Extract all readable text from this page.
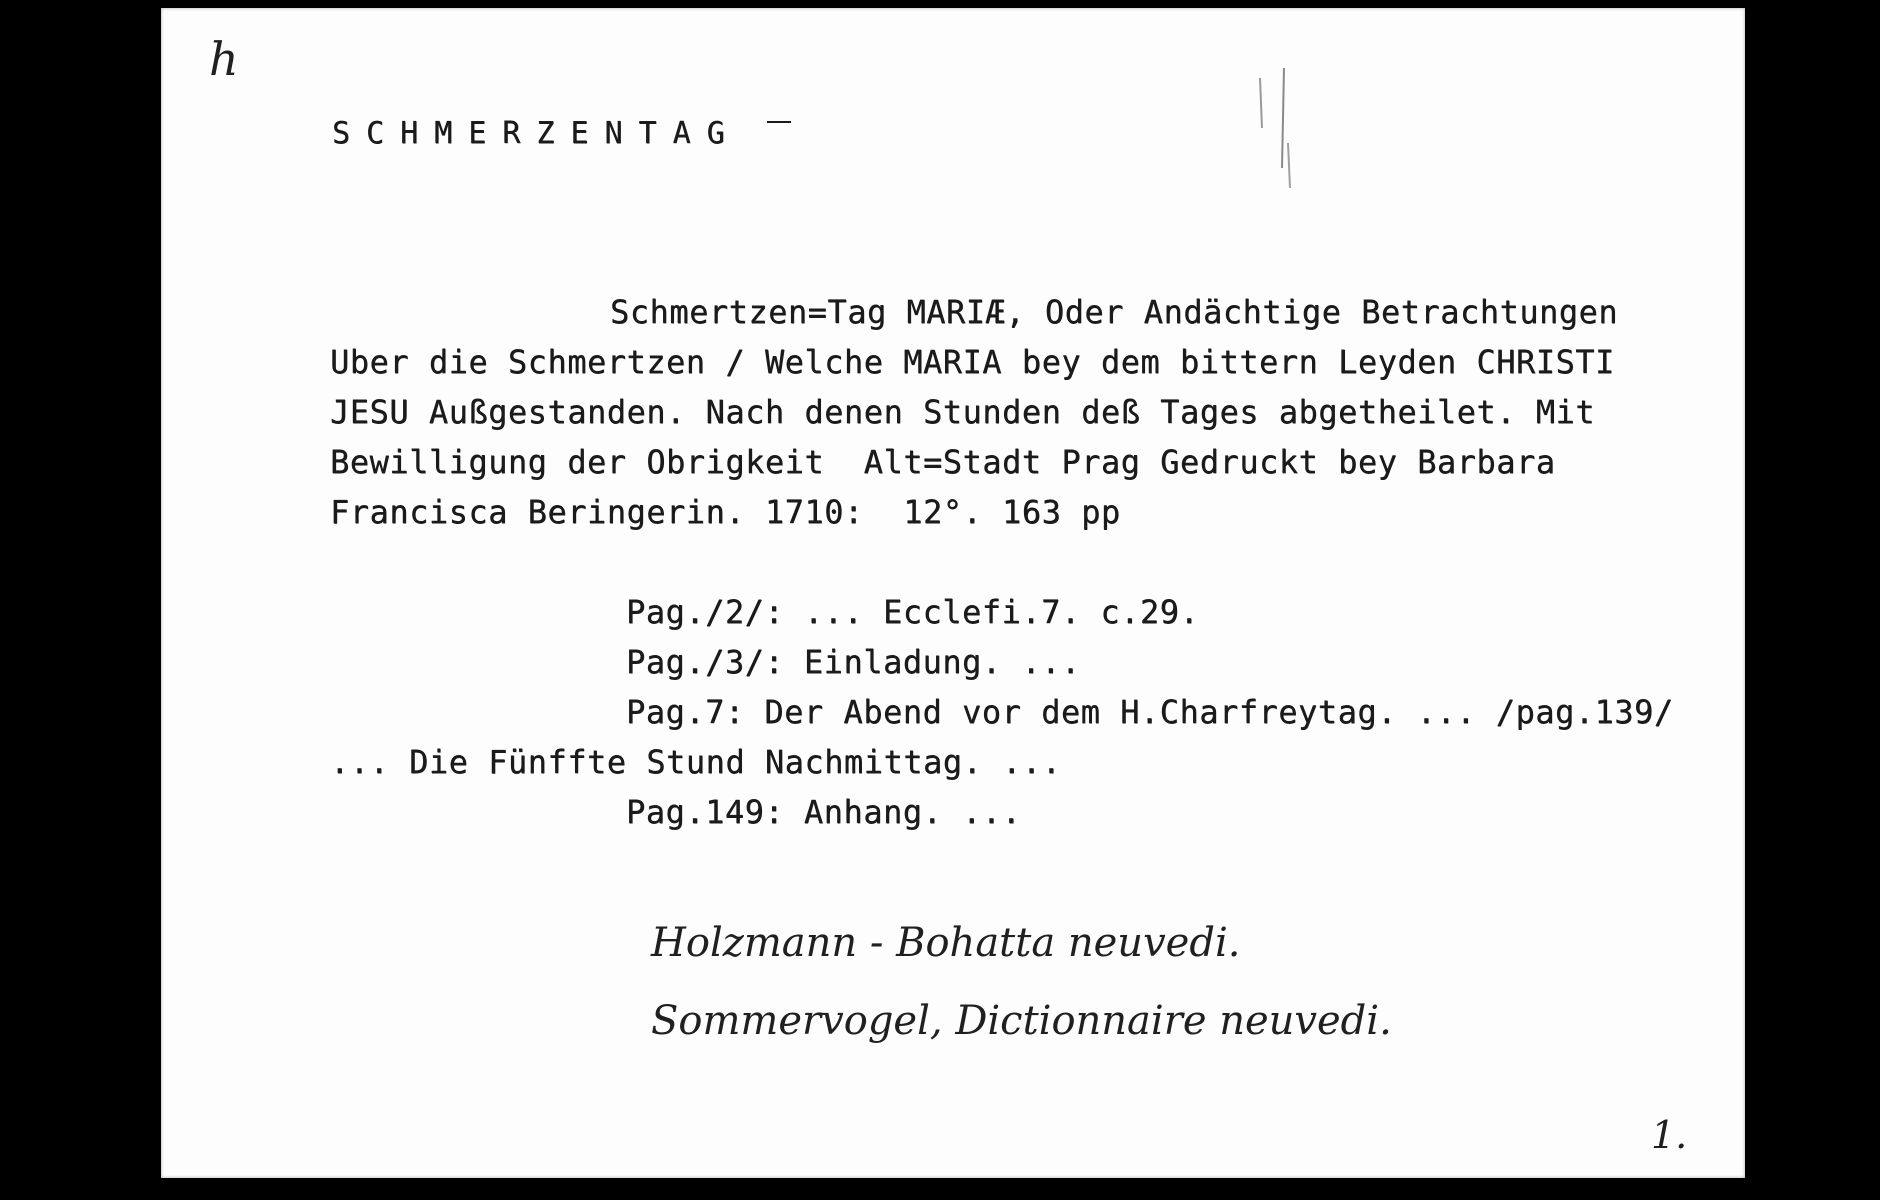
h
SCHMERZENTAG
Schmertzen=Tag MARIÆ, Oder Andächtige Betrachtungen
Uber die Schmertzen / Welche MARIA bey dem bittern Leyden CHRISTI
JESU Außgestanden. Nach denen Stunden deß Tages abgetheilet. Mit
Bewilligung der Obrigkeit  Alt=Stadt Prag Gedruckt bey Barbara
Francisca Beringerin. 1710:  12°. 163 pp
Pag./2/: ... Ecclefi.7. c.29.
Pag./3/: Einladung. ...
Pag.7: Der Abend vor dem H.Charfreytag. ... /pag.139/
... Die Fünffte Stund Nachmittag. ...
Pag.149: Anhang. ...
Holzmann - Bohatta neuvedi.
Sommervogel, Dictionnaire neuvedi.
1.
